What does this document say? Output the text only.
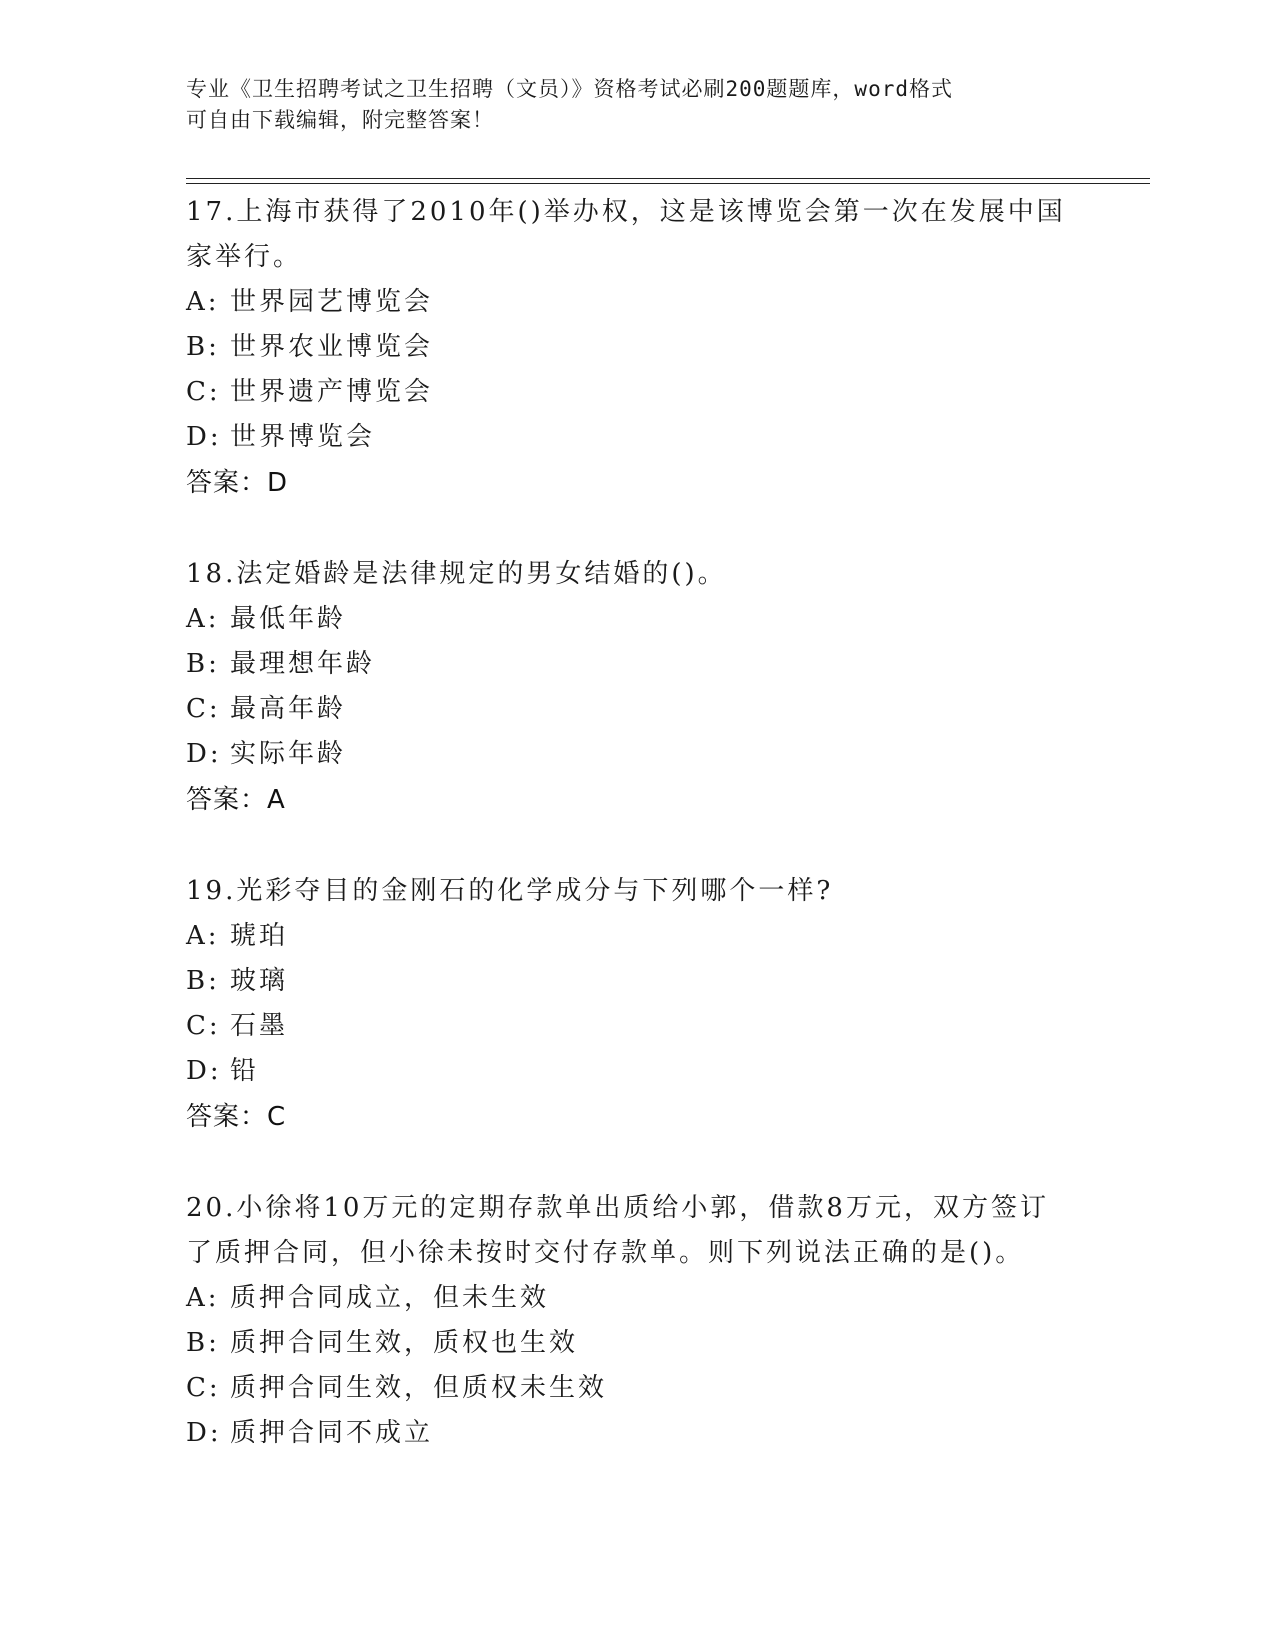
专业《卫生招聘考试之卫生招聘（文员）》资格考试必刷200题题库，word格式
可自由下载编辑，附完整答案！
17.上海市获得了2010年()举办权，这是该博览会第一次在发展中国
家举行。
A: 世界园艺博览会
B: 世界农业博览会
C: 世界遗产博览会
D: 世界博览会
答案：D
18.法定婚龄是法律规定的男女结婚的()。
A: 最低年龄
B: 最理想年龄
C: 最高年龄
D: 实际年龄
答案：A
19.光彩夺目的金刚石的化学成分与下列哪个一样?
A: 琥珀
B: 玻璃
C: 石墨
D: 铅
答案：C
20.小徐将10万元的定期存款单出质给小郭，借款8万元，双方签订
了质押合同，但小徐未按时交付存款单。则下列说法正确的是()。
A: 质押合同成立，但未生效
B: 质押合同生效，质权也生效
C: 质押合同生效，但质权未生效
D: 质押合同不成立
